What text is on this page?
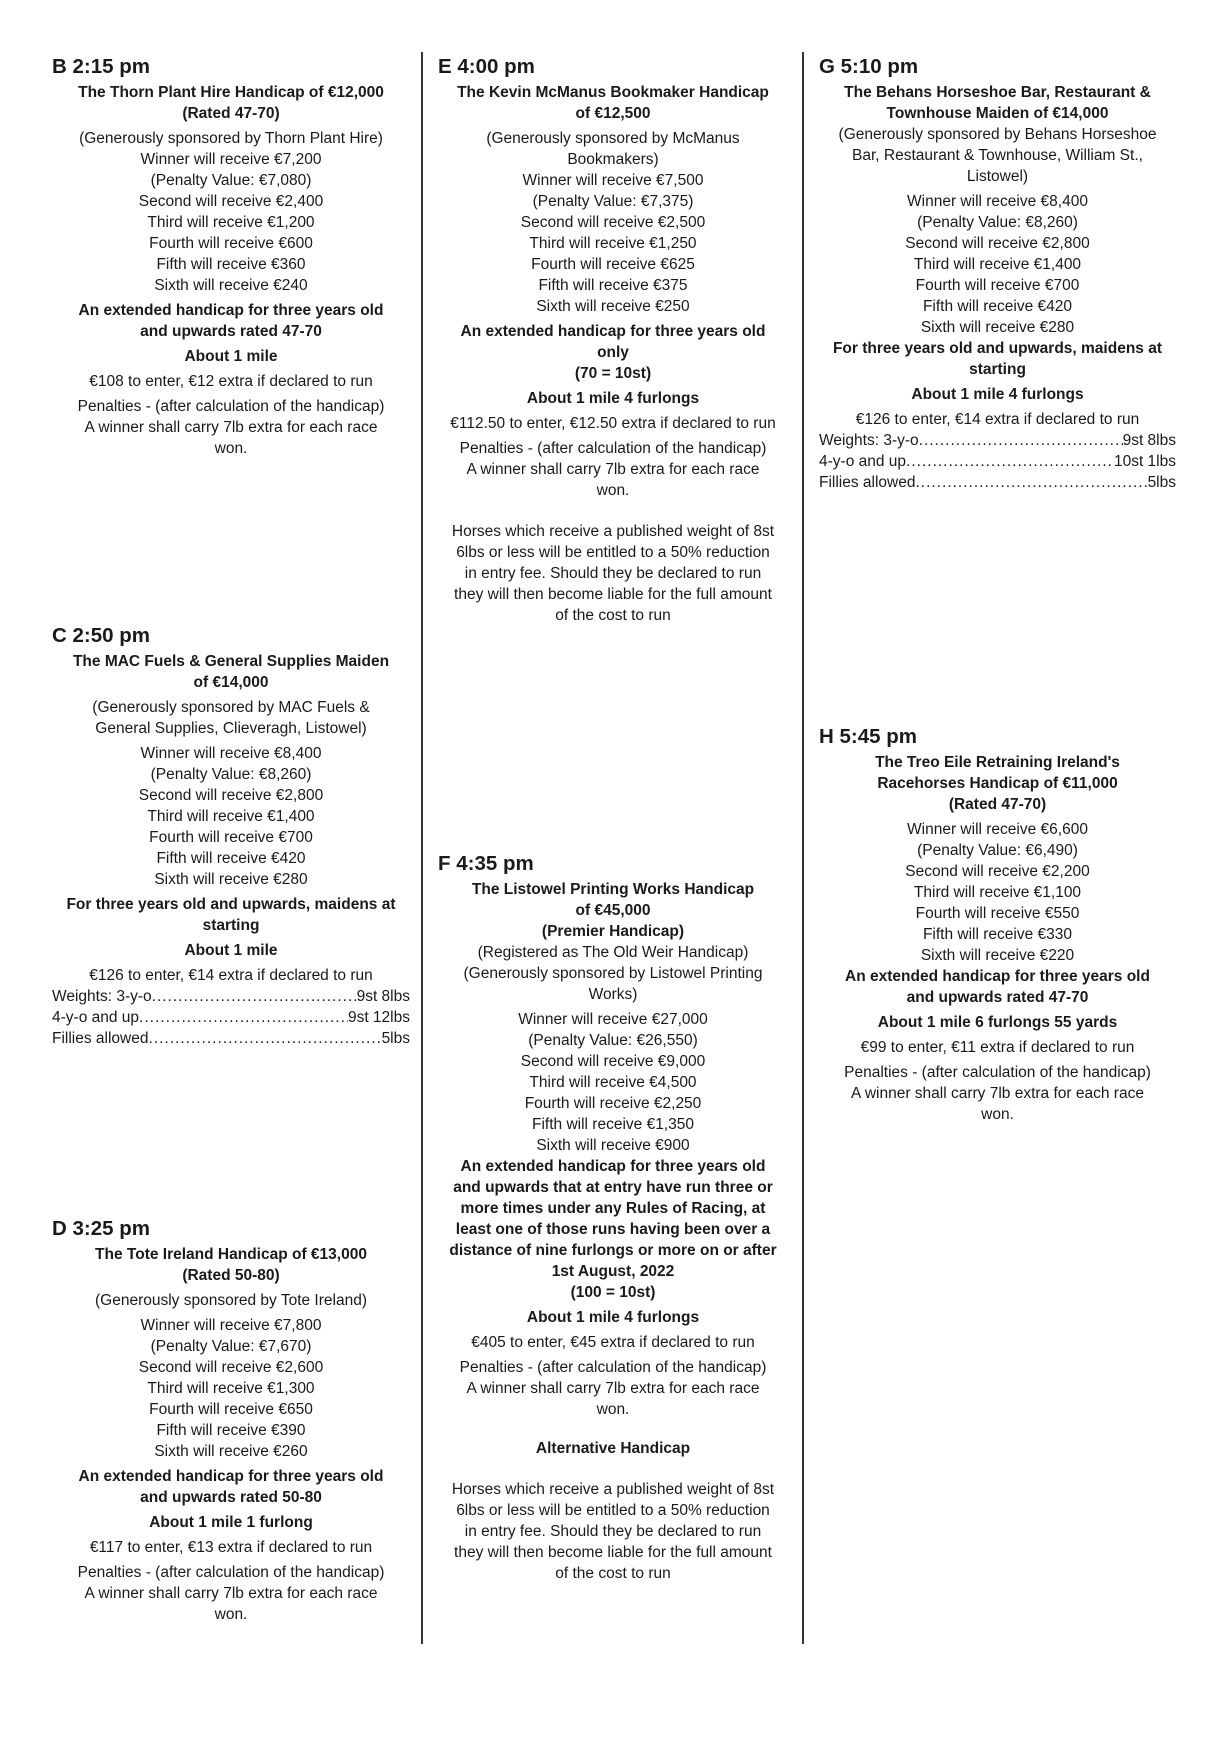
B 2:15 pm

The Thorn Plant Hire Handicap of €12,000

(Rated 47-70)

(Generously sponsored by Thorn Plant Hire)

Winner will receive €7,200

(Penalty Value: €7,080)

Second will receive €2,400

Third will receive €1,200

Fourth will receive €600

Fifth will receive €360

Sixth will receive €240

An extended handicap for three years old

and upwards rated 47-70

About 1 mile

€108 to enter, €12 extra if declared to run

Penalties - (after calculation of the handicap)

A winner shall carry 7lb extra for each race

won.

C 2:50 pm

The MAC Fuels & General Supplies Maiden

of €14,000

(Generously sponsored by MAC Fuels &

General Supplies, Clieveragh, Listowel)

Winner will receive €8,400

(Penalty Value: €8,260)

Second will receive €2,800

Third will receive €1,400

Fourth will receive €700

Fifth will receive €420

Sixth will receive €280

For three years old and upwards, maidens at

starting

About 1 mile

€126 to enter, €14 extra if declared to run

Weights: 3-y-o .....	9st 8lbs
4-y-o and up .....	9st 12lbs
Fillies allowed .....	5lbs
D 3:25 pm

The Tote Ireland Handicap of €13,000

(Rated 50-80)

(Generously sponsored by Tote Ireland)

Winner will receive €7,800

(Penalty Value: €7,670)

Second will receive €2,600

Third will receive €1,300

Fourth will receive €650

Fifth will receive €390

Sixth will receive €260

An extended handicap for three years old

and upwards rated 50-80

About 1 mile 1 furlong

€117 to enter, €13 extra if declared to run

Penalties - (after calculation of the handicap)

A winner shall carry 7lb extra for each race

won.

E 4:00 pm

The Kevin McManus Bookmaker Handicap

of €12,500

(Generously sponsored by McManus

Bookmakers)

Winner will receive €7,500

(Penalty Value: €7,375)

Second will receive €2,500

Third will receive €1,250

Fourth will receive €625

Fifth will receive €375

Sixth will receive €250

An extended handicap for three years old

only

(70 = 10st)

About 1 mile 4 furlongs

€112.50 to enter, €12.50 extra if declared to run

Penalties - (after calculation of the handicap)

A winner shall carry 7lb extra for each race

won.

Horses which receive a published weight of 8st

6lbs or less will be entitled to a 50% reduction

in entry fee. Should they be declared to run

they will then become liable for the full amount

of the cost to run

F 4:35 pm

The Listowel Printing Works Handicap

of €45,000

(Premier Handicap)

(Registered as The Old Weir Handicap)

(Generously sponsored by Listowel Printing

Works)

Winner will receive €27,000

(Penalty Value: €26,550)

Second will receive €9,000

Third will receive €4,500

Fourth will receive €2,250

Fifth will receive €1,350

Sixth will receive €900

An extended handicap for three years old

and upwards that at entry have run three or

more times under any Rules of Racing, at

least one of those runs having been over a

distance of nine furlongs or more on or after

1st August, 2022

(100 = 10st)

About 1 mile 4 furlongs

€405 to enter, €45 extra if declared to run

Penalties - (after calculation of the handicap)

A winner shall carry 7lb extra for each race

won.

Alternative Handicap

Horses which receive a published weight of 8st

6lbs or less will be entitled to a 50% reduction

in entry fee. Should they be declared to run

they will then become liable for the full amount

of the cost to run

G 5:10 pm

The Behans Horseshoe Bar, Restaurant &

Townhouse Maiden of €14,000

(Generously sponsored by Behans Horseshoe

Bar, Restaurant & Townhouse, William St.,

Listowel)

Winner will receive €8,400

(Penalty Value: €8,260)

Second will receive €2,800

Third will receive €1,400

Fourth will receive €700

Fifth will receive €420

Sixth will receive €280

For three years old and upwards, maidens at

starting

About 1 mile 4 furlongs

€126 to enter, €14 extra if declared to run

Weights: 3-y-o .....	9st 8lbs
4-y-o and up .....	10st 1lbs
Fillies allowed .....	5lbs
H 5:45 pm

The Treo Eile Retraining Ireland's

Racehorses Handicap of €11,000

(Rated 47-70)

Winner will receive €6,600

(Penalty Value: €6,490)

Second will receive €2,200

Third will receive €1,100

Fourth will receive €550

Fifth will receive €330

Sixth will receive €220

An extended handicap for three years old

and upwards rated 47-70

About 1 mile 6 furlongs 55 yards

€99 to enter, €11 extra if declared to run

Penalties - (after calculation of the handicap)

A winner shall carry 7lb extra for each race

won.
